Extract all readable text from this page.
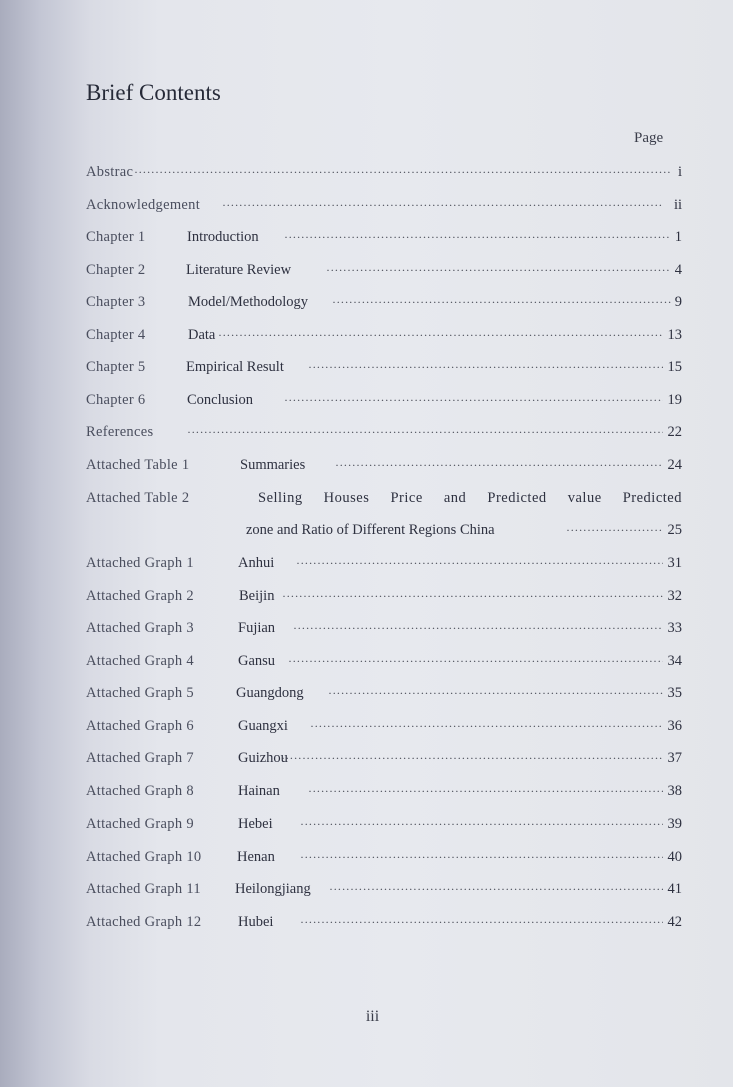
Brief Contents
Page
Abstrac	i
·····
Acknowledgement	ii
·····
Chapter 1	Introduction	1
·····
Chapter 2	Literature Review	4
·····
Chapter 3	Model/Methodology	9
·····
Chapter 4	Data	13
·····
Chapter 5	Empirical Result	15
·····
Chapter 6	Conclusion	19
·····
References	22
·····
Attached Table 1	Summaries	24
·····
Attached Table 2	Selling Houses Price and Predicted value Predicted
zone and Ratio of Different Regions China	25
·····
Attached Graph 1	Anhui	31
·····
Attached Graph 2	Beijin	32
·····
Attached Graph 3	Fujian	33
·····
Attached Graph 4	Gansu	34
·····
Attached Graph 5	Guangdong	35
·····
Attached Graph 6	Guangxi	36
·····
Attached Graph 7	Guizhou	37
·····
Attached Graph 8	Hainan	38
·····
Attached Graph 9	Hebei	39
·····
Attached Graph 10 Henan	40
·····
Attached Graph 11 Heilongjiang	41
·····
Attached Graph 12	Hubei	42
·····
iii
